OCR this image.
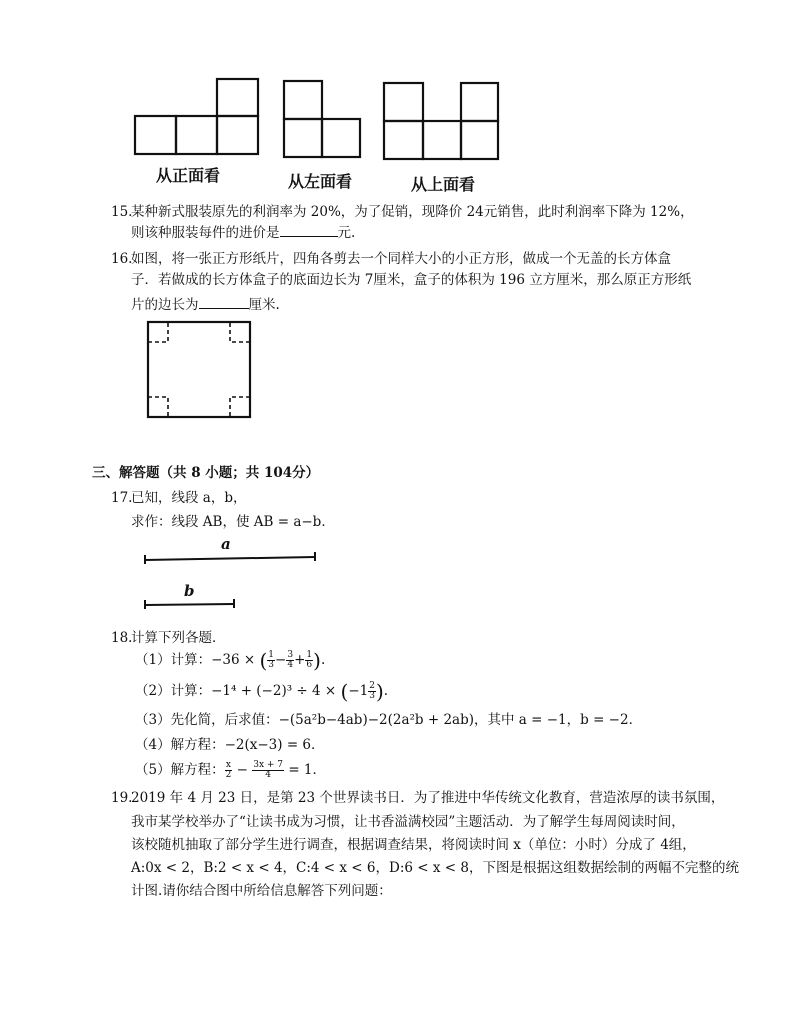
从正面看	从左面看	从上面看
15.
某种新式服装原先的利润率为 20%，为了促销，现降价 24元销售，此时利润率下降为 12%，
则该种服装每件的进价是	元.
16.
如图，将一张正方形纸片，四角各剪去一个同样大小的小正方形，做成一个无盖的长方体盒
子．若做成的长方体盒子的底面边长为 7厘米，盒子的体积为 196 立方厘米，那么原正方形纸
片的边长为	厘米.
三、解答题（共 8 小题；共 104分）
17.
已知，线段 a，b，
求作：线段 AB，使 AB = a−b．
a
b
18.
计算下列各题．
（1）计算：−36 × ( $\frac{1}{3} - \frac{3}{4} + \frac{1}{6}$ ).
（2）计算：$-1^4 + (-2)^3 \div 4 \times (-1 \frac{2}{3}$ ).
（3）先化简，后求值：−(5a²b−4ab)−2(2a²b + 2ab)，其中 a = −1，b = −2．
（4）解方程：−2(x−3) = 6．
（5）解方程： $\frac{x}{2} - \frac{3x + 7}{4} = 1$．
19.
2019 年 4 月 23 日，是第 23 个世界读书日．为了推进中华传统文化教育，营造浓厚的读书氛围，
我市某学校举办了“让读书成为习惯，让书香溢满校园”主题活动．为了解学生每周阅读时间，
该校随机抽取了部分学生进行调查，根据调查结果，将阅读时间 x（单位：小时）分成了 4组，
A:0x < 2，B:2 < x < 4，C:4 < x < 6，D:6 < x < 8，下图是根据这组数据绘制的两幅不完整的统
计图.请你结合图中所给信息解答下列问题：
